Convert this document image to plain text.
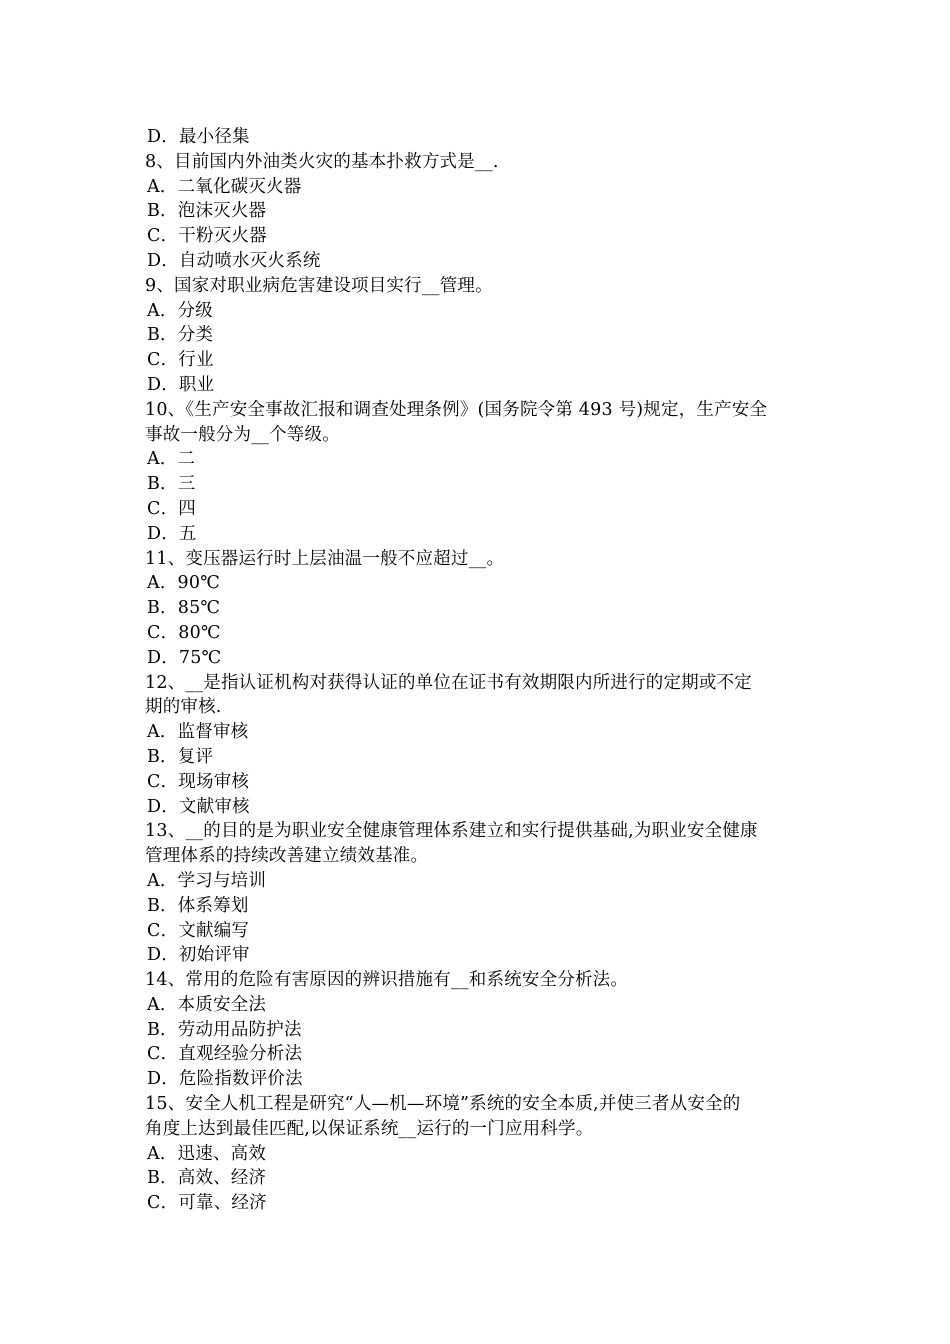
D．最小径集
8、目前国内外油类火灾的基本扑救方式是__.
A．二氧化碳灭火器
B．泡沫灭火器
C．干粉灭火器
D．自动喷水灭火系统
9、国家对职业病危害建设项目实行__管理。
A．分级
B．分类
C．行业
D．职业
10、《生产安全事故汇报和调查处理条例》(国务院令第 493 号)规定，生产安全
事故一般分为__个等级。
A．二
B．三
C．四
D．五
11、变压器运行时上层油温一般不应超过__。
A．90℃
B．85℃
C．80℃
D．75℃
12、__是指认证机构对获得认证的单位在证书有效期限内所进行的定期或不定
期的审核.
A．监督审核
B．复评
C．现场审核
D．文献审核
13、__的目的是为职业安全健康管理体系建立和实行提供基础,为职业安全健康
管理体系的持续改善建立绩效基准。
A．学习与培训
B．体系筹划
C．文献编写
D．初始评审
14、常用的危险有害原因的辨识措施有__和系统安全分析法。
A．本质安全法
B．劳动用品防护法
C．直观经验分析法
D．危险指数评价法
15、安全人机工程是研究“人—机—环境”系统的安全本质,并使三者从安全的
角度上达到最佳匹配,以保证系统__运行的一门应用科学。
A．迅速、高效
B．高效、经济
C．可靠、经济
